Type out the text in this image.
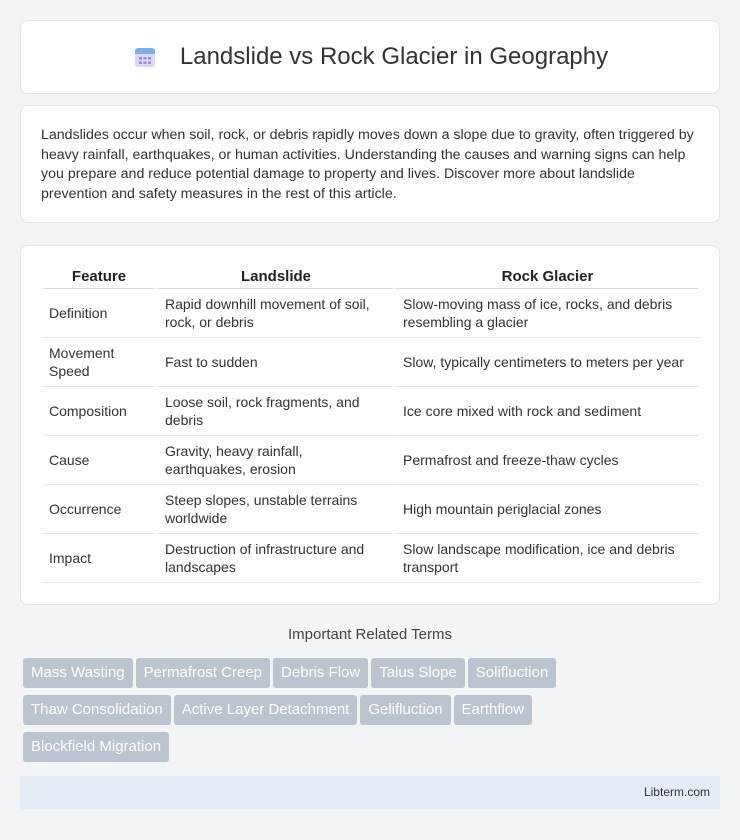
Landslide vs Rock Glacier in Geography

Landslides occur when soil, rock, or debris rapidly moves down a slope due to gravity, often triggered by heavy rainfall, earthquakes, or human activities. Understanding the causes and warning signs can help you prepare and reduce potential damage to property and lives. Discover more about landslide prevention and safety measures in the rest of this article.

Feature	Landslide	Rock Glacier
Definition	Rapid downhill movement of soil, rock, or debris	Slow-moving mass of ice, rocks, and debris resembling a glacier
Movement Speed	Fast to sudden	Slow, typically centimeters to meters per year
Composition	Loose soil, rock fragments, and debris	Ice core mixed with rock and sediment
Cause	Gravity, heavy rainfall, earthquakes, erosion	Permafrost and freeze-thaw cycles
Occurrence	Steep slopes, unstable terrains worldwide	High mountain periglacial zones
Impact	Destruction of infrastructure and landscapes	Slow landscape modification, ice and debris transport
Important Related Terms
Mass Wasting Permafrost Creep Debris Flow Talus Slope Solifluction
Thaw Consolidation Active Layer Detachment Gelifluction Earthflow
Blockfield Migration
Libterm.com
